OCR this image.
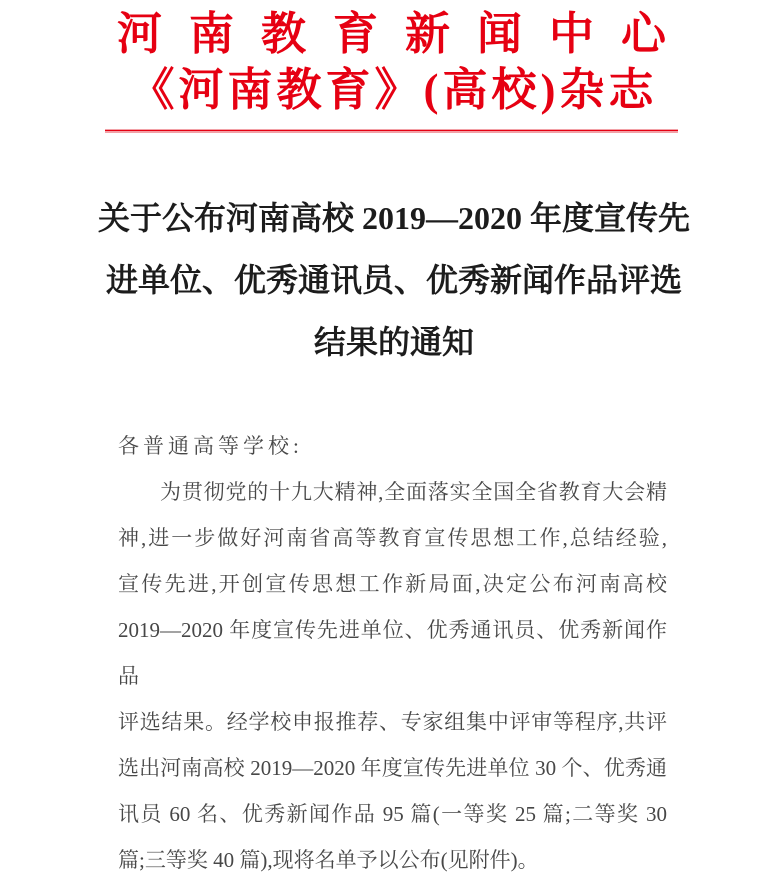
河南教育新闻中心
《河南教育》(高校)杂志
关于公布河南高校 2019—2020 年度宣传先
进单位、优秀通讯员、优秀新闻作品评选
结果的通知
各普通高等学校:
为贯彻党的十九大精神,全面落实全国全省教育大会精
神,进一步做好河南省高等教育宣传思想工作,总结经验,
宣传先进,开创宣传思想工作新局面,决定公布河南高校
2019—2020 年度宣传先进单位、优秀通讯员、优秀新闻作品
评选结果。经学校申报推荐、专家组集中评审等程序,共评
选出河南高校 2019—2020 年度宣传先进单位 30 个、优秀通
讯员 60 名、优秀新闻作品 95 篇(一等奖 25 篇;二等奖 30
篇;三等奖 40 篇),现将名单予以公布(见附件)。
